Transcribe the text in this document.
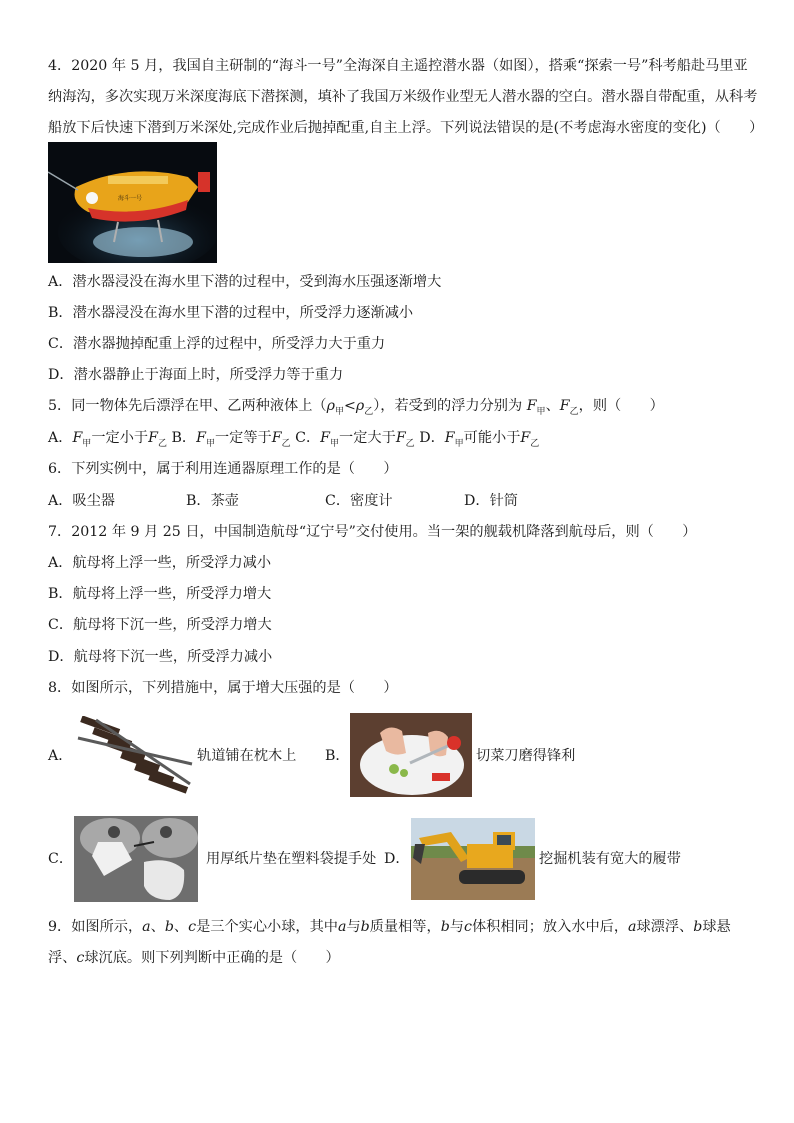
4．2020 年 5 月，我国自主研制的“海斗一号”全海深自主遥控潜水器（如图），搭乘“探索一号”科考船赴马里亚
纳海沟，多次实现万米深度海底下潜探测，填补了我国万米级作业型无人潜水器的空白。潜水器自带配重，从科考
船放下后快速下潜到万米深处,完成作业后抛掉配重,自主上浮。下列说法错误的是(不考虑海水密度的变化)（　　）
海斗一号
A．潜水器浸没在海水里下潜的过程中，受到海水压强逐渐增大
B．潜水器浸没在海水里下潜的过程中，所受浮力逐渐减小
C．潜水器抛掉配重上浮的过程中，所受浮力大于重力
D．潜水器静止于海面上时，所受浮力等于重力
5．同一物体先后漂浮在甲、乙两种液体上$(\rho_甲<\rho_乙)$，若受到的浮力分别为 $F_甲$、$F_乙$，则（　　）
A．$F_甲$一定小于$F_乙$ B．$F_甲$一定等于$F_乙$ C．$F_甲$一定大于$F_乙$ D．$F_甲$可能小于$F_乙$
6．下列实例中，属于利用连通器原理工作的是（　　）
A．吸尘器	B．茶壶	C．密度计	D．针筒
7．2012 年 9 月 25 日，中国制造航母“辽宁号”交付使用。当一架的舰载机降落到航母后，则（　　）
A．航母将上浮一些，所受浮力减小
B．航母将上浮一些，所受浮力增大
C．航母将下沉一些，所受浮力增大
D．航母将下沉一些，所受浮力减小
8．如图所示，下列措施中，属于增大压强的是（　　）
A．	轨道铺在枕木上 B．	切菜刀磨得锋利
C．	用厚纸片垫在塑料袋提手处 D．	挖掘机装有宽大的履带
9．如图所示，a、b、c是三个实心小球，其中a与b质量相等，b与c体积相同；放入水中后，a球漂浮、b球悬
浮、c球沉底。则下列判断中正确的是（　　）
